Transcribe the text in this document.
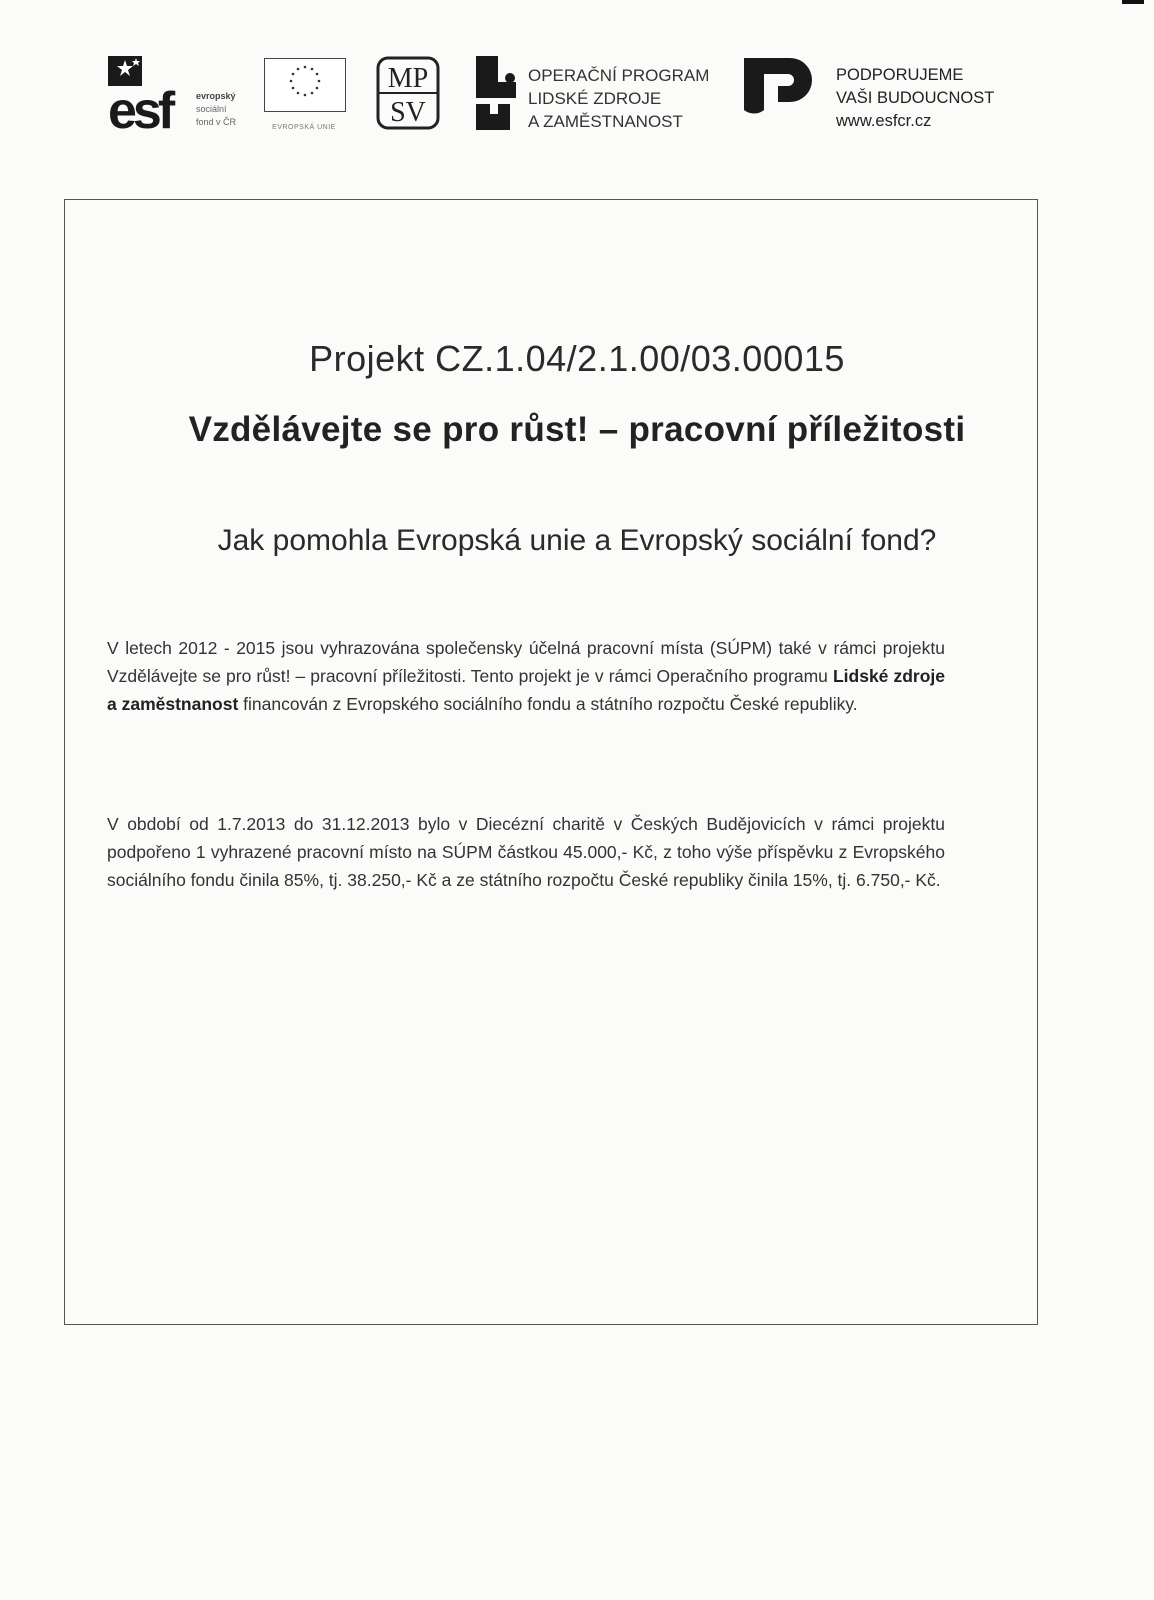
esf	evropský
sociální
fond v ČR
EVROPSKÁ UNIE
MP
SV
OPERAČNÍ PROGRAM
LIDSKÉ ZDROJE
A ZAMĚSTNANOST
PODPORUJEME
VAŠI BUDOUCNOST
www.esfcr.cz
Projekt CZ.1.04/2.1.00/03.00015
Vzdělávejte se pro růst! – pracovní příležitosti
Jak pomohla Evropská unie a Evropský sociální fond?
V letech 2012 - 2015 jsou vyhrazována společensky účelná pracovní místa (SÚPM) také v rámci projektu Vzdělávejte se pro růst! – pracovní příležitosti. Tento projekt je v rámci Operačního programu Lidské zdroje a zaměstnanost financován z Evropského sociálního fondu a státního rozpočtu České republiky.
V období od 1.7.2013 do 31.12.2013 bylo v Diecézní charitě v Českých Budějovicích v rámci projektu podpořeno 1 vyhrazené pracovní místo na SÚPM částkou 45.000,- Kč, z toho výše příspěvku z Evropského sociálního fondu činila 85%, tj. 38.250,- Kč a ze státního rozpočtu České republiky činila 15%, tj. 6.750,- Kč.
